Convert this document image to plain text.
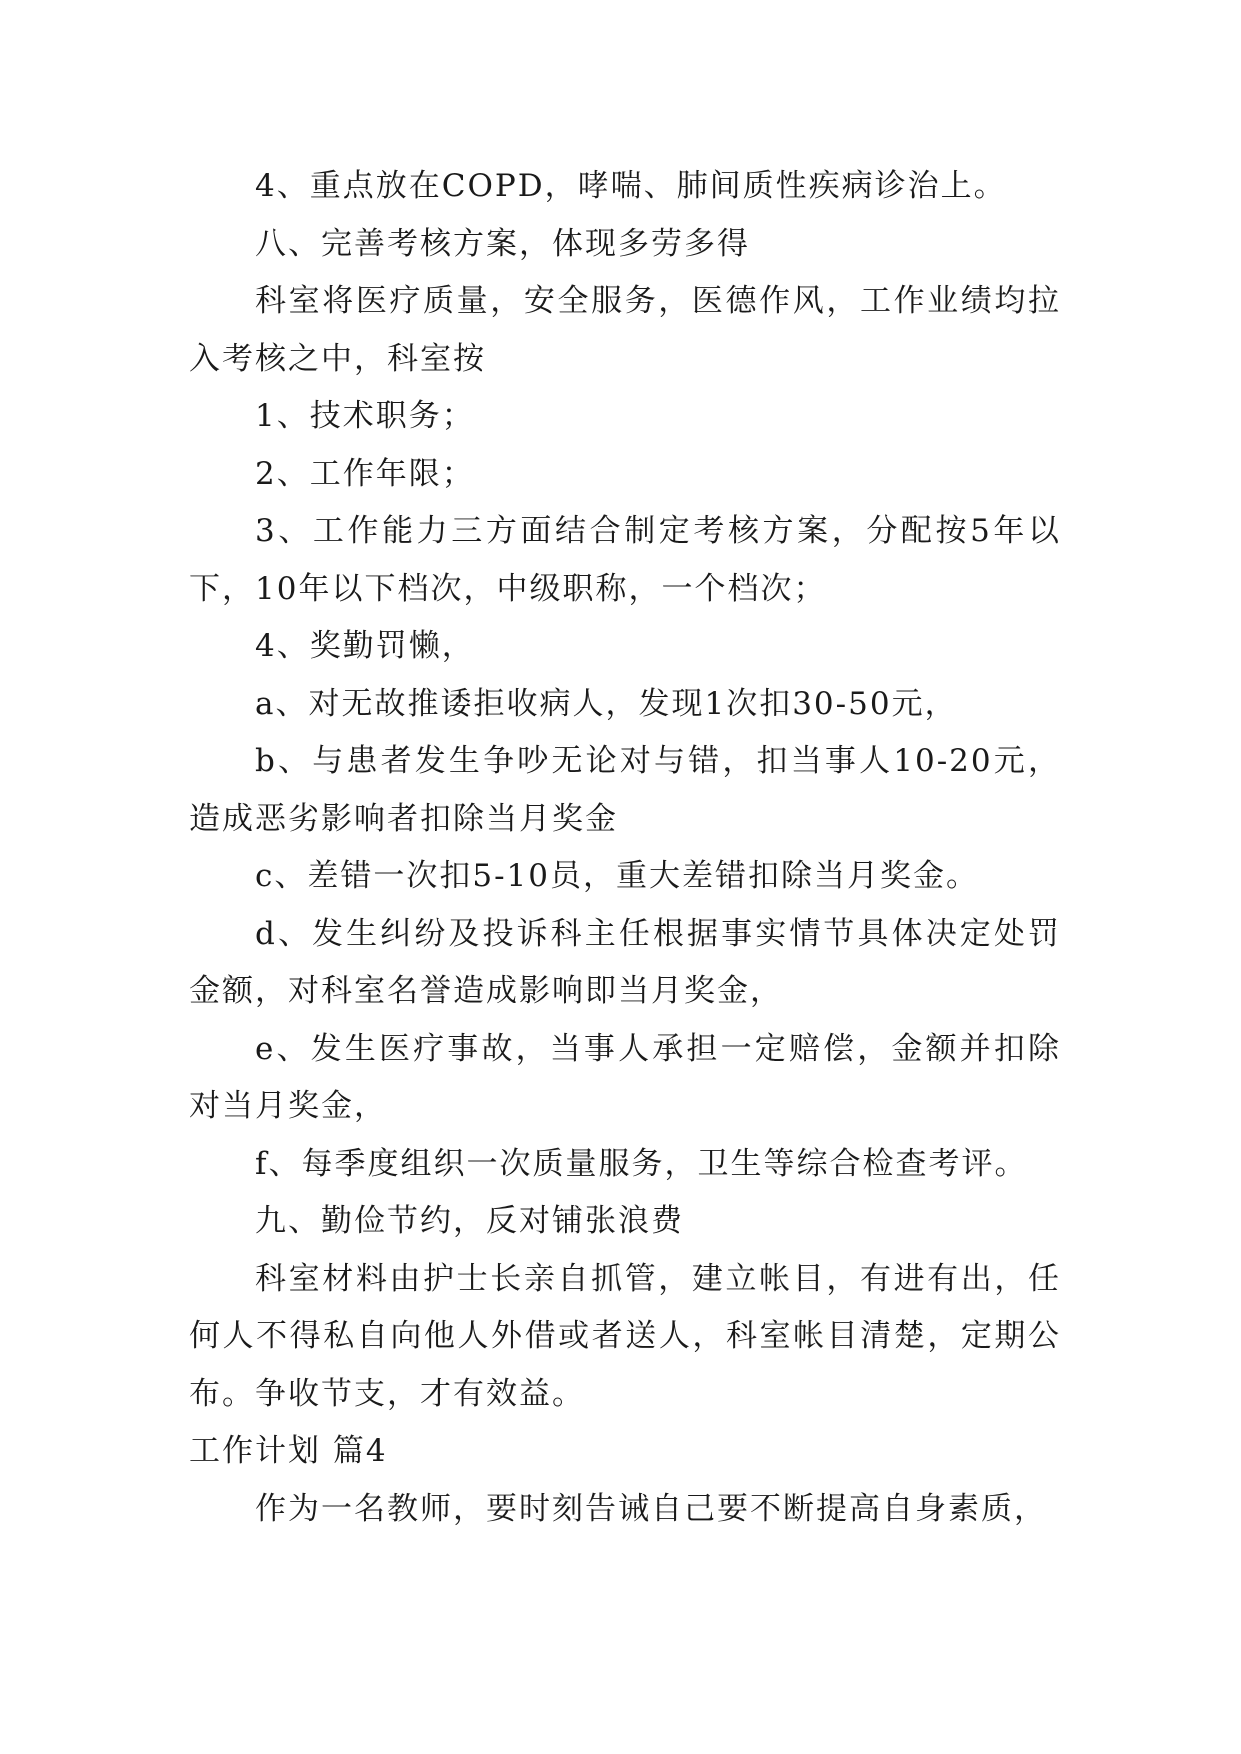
4、重点放在COPD，哮喘、肺间质性疾病诊治上。

八、完善考核方案，体现多劳多得

科室将医疗质量，安全服务，医德作风，工作业绩均拉入考核之中，科室按

1、技术职务；

2、工作年限；

3、工作能力三方面结合制定考核方案，分配按5年以下，10年以下档次，中级职称，一个档次；

4、奖勤罚懒，

a、对无故推诿拒收病人，发现1次扣30-50元，

b、与患者发生争吵无论对与错，扣当事人10-20元，造成恶劣影响者扣除当月奖金

c、差错一次扣5-10员，重大差错扣除当月奖金。

d、发生纠纷及投诉科主任根据事实情节具体决定处罚金额，对科室名誉造成影响即当月奖金，

e、发生医疗事故，当事人承担一定赔偿，金额并扣除对当月奖金，

f、每季度组织一次质量服务，卫生等综合检查考评。

九、勤俭节约，反对铺张浪费

科室材料由护士长亲自抓管，建立帐目，有进有出，任何人不得私自向他人外借或者送人，科室帐目清楚，定期公布。争收节支，才有效益。

工作计划 篇4

作为一名教师，要时刻告诫自己要不断提高自身素质，
